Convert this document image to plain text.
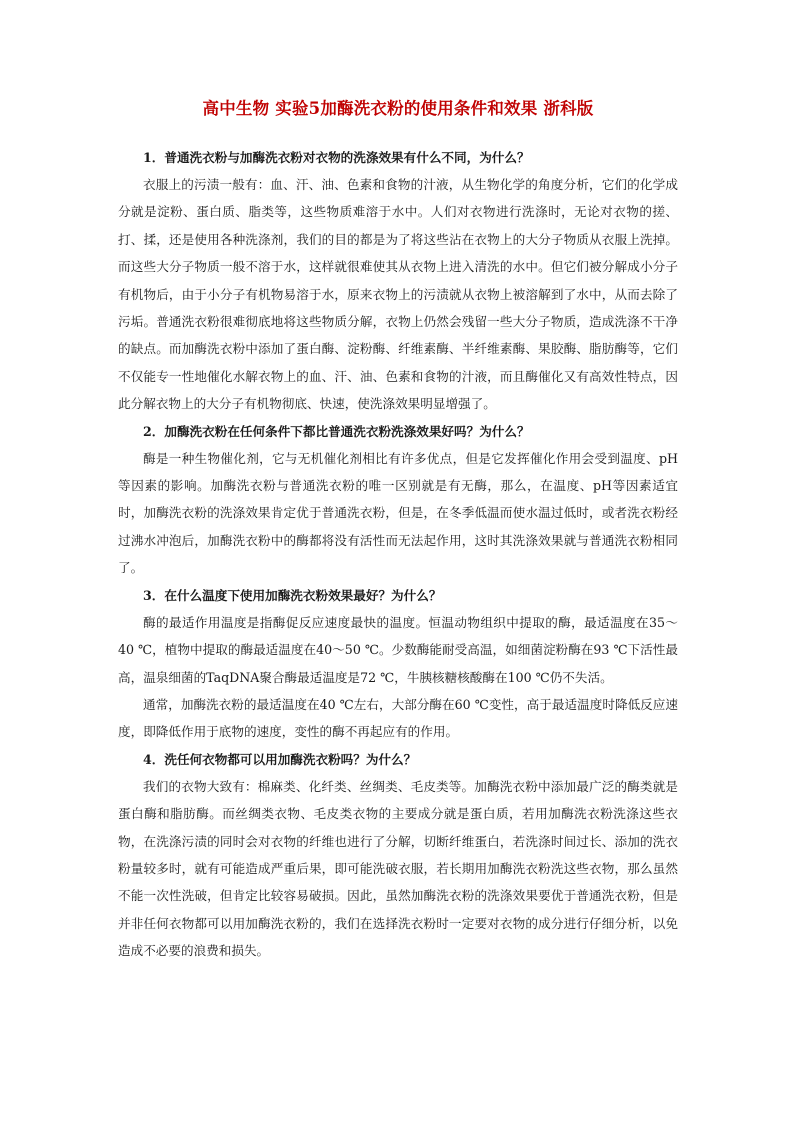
高中生物 实验5加酶洗衣粉的使用条件和效果 浙科版

1．普通洗衣粉与加酶洗衣粉对衣物的洗涤效果有什么不同，为什么？

衣服上的污渍一般有：血、汗、油、色素和食物的汁液，从生物化学的角度分析，它们的化学成分就是淀粉、蛋白质、脂类等，这些物质难溶于水中。人们对衣物进行洗涤时，无论对衣物的搓、打、揉，还是使用各种洗涤剂，我们的目的都是为了将这些沾在衣物上的大分子物质从衣服上洗掉。而这些大分子物质一般不溶于水，这样就很难使其从衣物上进入清洗的水中。但它们被分解成小分子有机物后，由于小分子有机物易溶于水，原来衣物上的污渍就从衣物上被溶解到了水中，从而去除了污垢。普通洗衣粉很难彻底地将这些物质分解，衣物上仍然会残留一些大分子物质，造成洗涤不干净的缺点。而加酶洗衣粉中添加了蛋白酶、淀粉酶、纤维素酶、半纤维素酶、果胶酶、脂肪酶等，它们不仅能专一性地催化水解衣物上的血、汗、油、色素和食物的汁液，而且酶催化又有高效性特点，因此分解衣物上的大分子有机物彻底、快速，使洗涤效果明显增强了。

2．加酶洗衣粉在任何条件下都比普通洗衣粉洗涤效果好吗？为什么？

酶是一种生物催化剂，它与无机催化剂相比有许多优点，但是它发挥催化作用会受到温度、pH等因素的影响。加酶洗衣粉与普通洗衣粉的唯一区别就是有无酶，那么，在温度、pH等因素适宜时，加酶洗衣粉的洗涤效果肯定优于普通洗衣粉，但是，在冬季低温而使水温过低时，或者洗衣粉经过沸水冲泡后，加酶洗衣粉中的酶都将没有活性而无法起作用，这时其洗涤效果就与普通洗衣粉相同了。

3．在什么温度下使用加酶洗衣粉效果最好？为什么？

酶的最适作用温度是指酶促反应速度最快的温度。恒温动物组织中提取的酶，最适温度在35～40 ℃，植物中提取的酶最适温度在40～50 ℃。少数酶能耐受高温，如细菌淀粉酶在93 ℃下活性最高，温泉细菌的TaqDNA聚合酶最适温度是72 ℃，牛胰核糖核酸酶在100 ℃仍不失活。

通常，加酶洗衣粉的最适温度在40 ℃左右，大部分酶在60 ℃变性，高于最适温度时降低反应速度，即降低作用于底物的速度，变性的酶不再起应有的作用。

4．洗任何衣物都可以用加酶洗衣粉吗？为什么？

我们的衣物大致有：棉麻类、化纤类、丝绸类、毛皮类等。加酶洗衣粉中添加最广泛的酶类就是蛋白酶和脂肪酶。而丝绸类衣物、毛皮类衣物的主要成分就是蛋白质，若用加酶洗衣粉洗涤这些衣物，在洗涤污渍的同时会对衣物的纤维也进行了分解，切断纤维蛋白，若洗涤时间过长、添加的洗衣粉量较多时，就有可能造成严重后果，即可能洗破衣服，若长期用加酶洗衣粉洗这些衣物，那么虽然不能一次性洗破，但肯定比较容易破损。因此，虽然加酶洗衣粉的洗涤效果要优于普通洗衣粉，但是并非任何衣物都可以用加酶洗衣粉的，我们在选择洗衣粉时一定要对衣物的成分进行仔细分析，以免造成不必要的浪费和损失。
